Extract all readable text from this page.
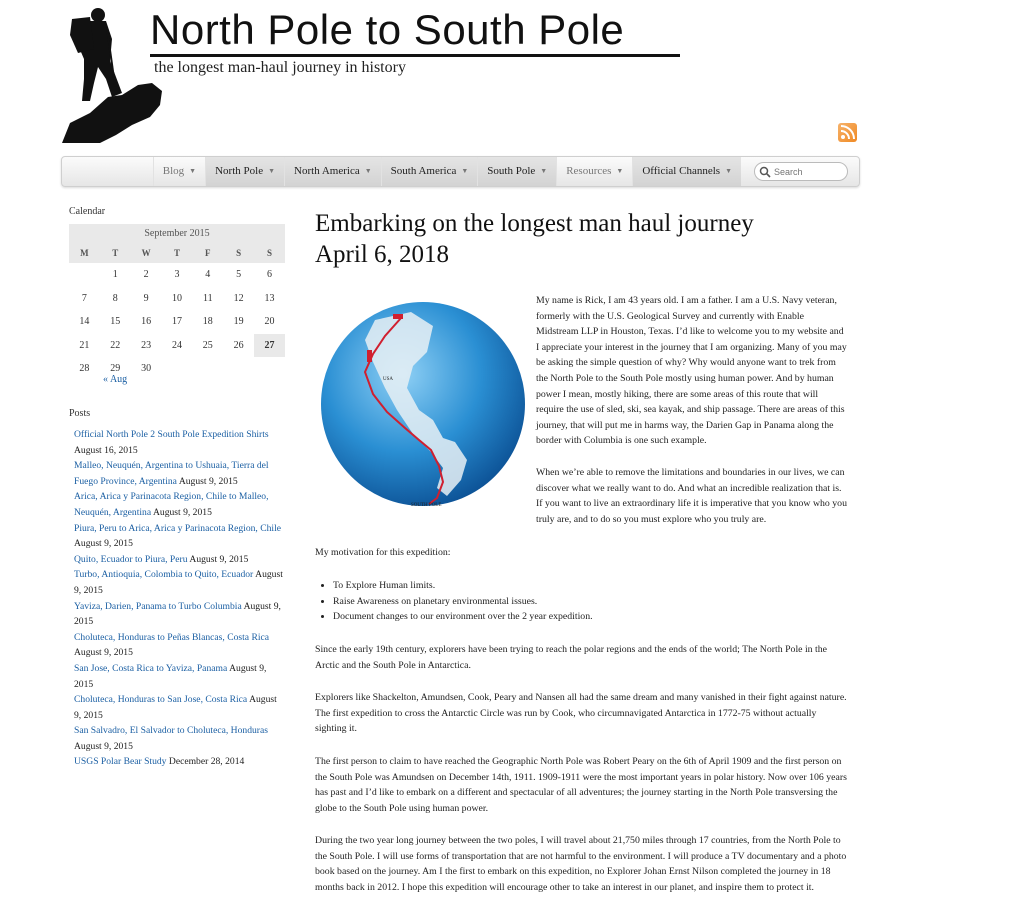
North Pole to South Pole

the longest man-haul journey in history

Blog ▼ North Pole ▼ North America ▼ South America ▼ South Pole ▼ Resources ▼ Official Channels ▼
Search
Calendar
September 2015
M	T	W	T	F	S	S
	1	2	3	4	5	6
7	8	9	10	11	12	13
14	15	16	17	18	19	20
21	22	23	24	25	26	27
28	29	30				
« Aug
Posts
Official North Pole 2 South Pole Expedition Shirts August 16, 2015
Malleo, Neuquén, Argentina to Ushuaia, Tierra del Fuego Province, Argentina August 9, 2015
Arica, Arica y Parinacota Region, Chile to Malleo, Neuquén, Argentina August 9, 2015
Piura, Peru to Arica, Arica y Parinacota Region, Chile August 9, 2015
Quito, Ecuador to Piura, Peru August 9, 2015
Turbo, Antioquia, Colombia to Quito, Ecuador August 9, 2015
Yaviza, Darien, Panama to Turbo Columbia August 9, 2015
Choluteca, Honduras to Peñas Blancas, Costa Rica August 9, 2015
San Jose, Costa Rica to Yaviza, Panama August 9, 2015
Choluteca, Honduras to San Jose, Costa Rica August 9, 2015
San Salvadro, El Salvador to Choluteca, Honduras August 9, 2015
USGS Polar Bear Study December 28, 2014
Embarking on the longest man haul journey
April 6, 2018
USA
SOUTH POLE

My name is Rick, I am 43 years old. I am a father. I am a U.S. Navy veteran, formerly with the U.S. Geological Survey and currently with Enable Midstream LLP in Houston, Texas. I’d like to welcome you to my website and I appreciate your interest in the journey that I am organizing. Many of you may be asking the simple question of why? Why would anyone want to trek from the North Pole to the South Pole mostly using human power. And by human power I mean, mostly hiking, there are some areas of this route that will require the use of sled, ski, sea kayak, and ship passage. There are areas of this journey, that will put me in harms way, the Darien Gap in Panama along the border with Columbia is one such example.

When we’re able to remove the limitations and boundaries in our lives, we can discover what we really want to do. And what an incredible realization that is. If you want to live an extraordinary life it is imperative that you know who you truly are, and to do so you must explore who you truly are.

My motivation for this expedition:

• To Explore Human limits.
• Raise Awareness on planetary environmental issues.
• Document changes to our environment over the 2 year expedition.

Since the early 19th century, explorers have been trying to reach the polar regions and the ends of the world; The North Pole in the Arctic and the South Pole in Antarctica.

Explorers like Shackelton, Amundsen, Cook, Peary and Nansen all had the same dream and many vanished in their fight against nature. The first expedition to cross the Antarctic Circle was run by Cook, who circumnavigated Antarctica in 1772-75 without actually sighting it.

The first person to claim to have reached the Geographic North Pole was Robert Peary on the 6th of April 1909 and the first person on the South Pole was Amundsen on December 14th, 1911. 1909-1911 were the most important years in polar history. Now over 106 years has past and I’d like to embark on a different and spectacular of all adventures; the journey starting in the North Pole transversing the globe to the South Pole using human power.

During the two year long journey between the two poles, I will travel about 21,750 miles through 17 countries, from the North Pole to the South Pole. I will use forms of transportation that are not harmful to the environment. I will produce a TV documentary and a photo book based on the journey. Am I the first to embark on this expedition, no Explorer Johan Ernst Nilson completed the journey in 18 months back in 2012. I hope this expedition will encourage other to take an interest in our planet, and inspire them to protect it.
